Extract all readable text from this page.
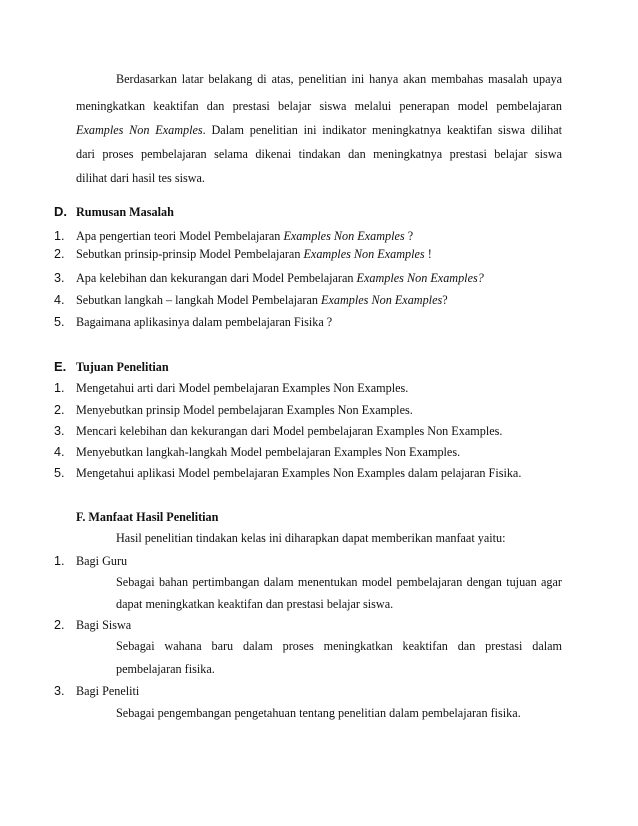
Berdasarkan latar belakang di atas, penelitian ini hanya akan membahas masalah upaya
meningkatkan keaktifan dan prestasi belajar siswa melalui penerapan model pembelajaran
Examples Non Examples. Dalam penelitian ini indikator meningkatnya keaktifan siswa dilihat
dari proses pembelajaran selama dikenai tindakan dan meningkatnya prestasi belajar siswa
dilihat dari hasil tes siswa.
D. Rumusan Masalah
1. Apa pengertian teori Model Pembelajaran Examples Non Examples ?
2. Sebutkan prinsip-prinsip Model Pembelajaran Examples Non Examples !
3. Apa kelebihan dan kekurangan dari Model Pembelajaran Examples Non Examples?
4. Sebutkan langkah – langkah Model Pembelajaran Examples Non Examples?
5. Bagaimana aplikasinya dalam pembelajaran Fisika ?
E. Tujuan Penelitian
1. Mengetahui arti dari Model pembelajaran Examples Non Examples.
2. Menyebutkan prinsip Model pembelajaran Examples Non Examples.
3. Mencari kelebihan dan kekurangan dari Model pembelajaran Examples Non Examples.
4. Menyebutkan langkah-langkah Model pembelajaran Examples Non Examples.
5. Mengetahui aplikasi Model pembelajaran Examples Non Examples dalam pelajaran Fisika.
F. Manfaat Hasil Penelitian
Hasil penelitian tindakan kelas ini diharapkan dapat memberikan manfaat yaitu:
1. Bagi Guru
Sebagai bahan pertimbangan dalam menentukan model pembelajaran dengan tujuan agar
dapat meningkatkan keaktifan dan prestasi belajar siswa.
2. Bagi Siswa
Sebagai wahana baru dalam proses meningkatkan keaktifan dan prestasi dalam
pembelajaran fisika.
3. Bagi Peneliti
Sebagai pengembangan pengetahuan tentang penelitian dalam pembelajaran fisika.
